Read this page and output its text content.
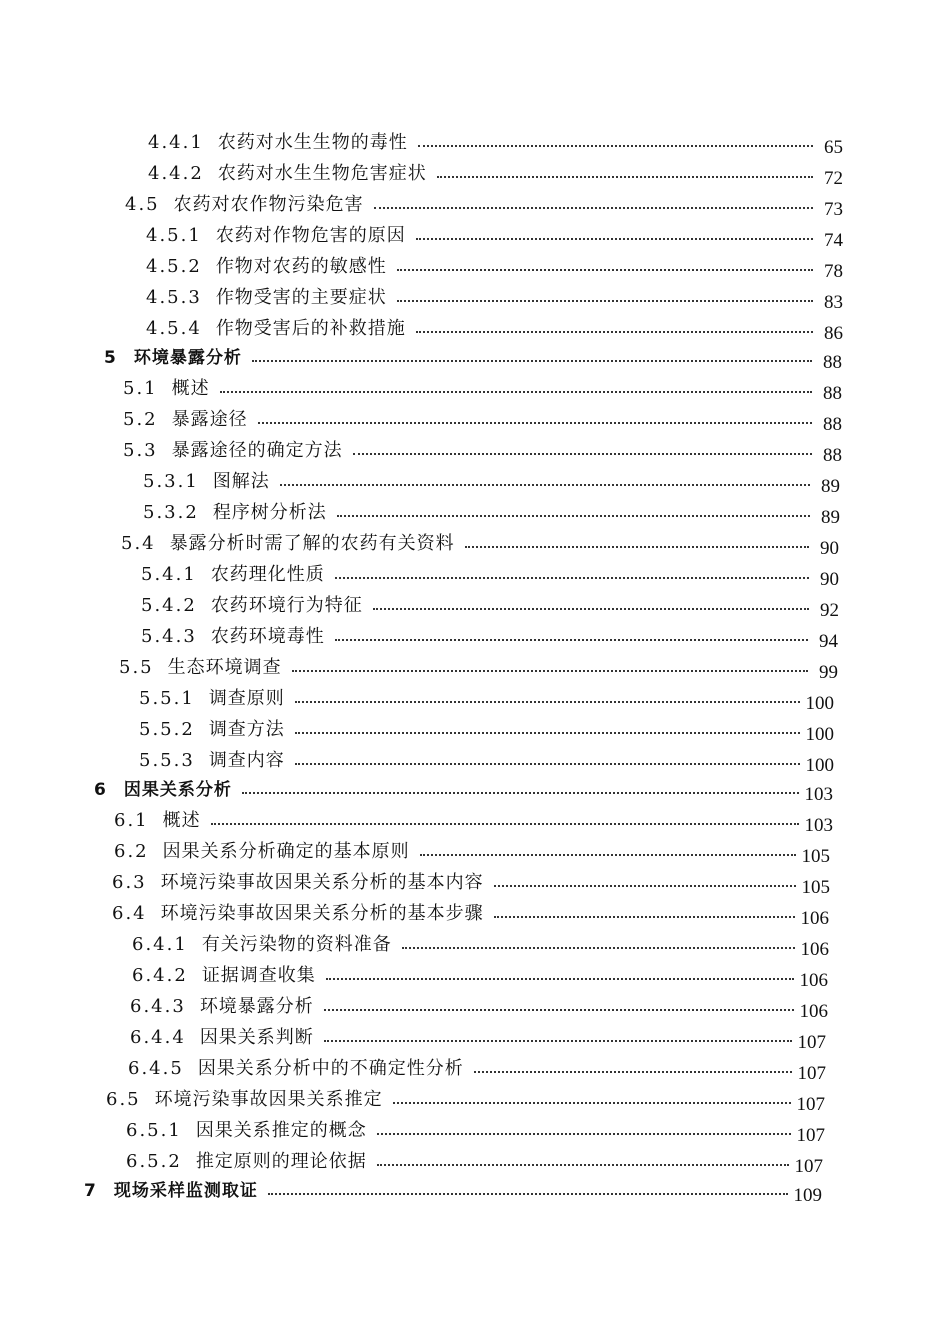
4.4.1 农药对水生生物的毒性	65
4.4.2 农药对水生生物危害症状	72
4.5 农药对农作物污染危害	73
4.5.1 农药对作物危害的原因	74
4.5.2 作物对农药的敏感性	78
4.5.3 作物受害的主要症状	83
4.5.4 作物受害后的补救措施	86
5 环境暴露分析	88
5.1 概述	88
5.2 暴露途径	88
5.3 暴露途径的确定方法	88
5.3.1 图解法	89
5.3.2 程序树分析法	89
5.4 暴露分析时需了解的农药有关资料	90
5.4.1 农药理化性质	90
5.4.2 农药环境行为特征	92
5.4.3 农药环境毒性	94
5.5 生态环境调查	99
5.5.1 调查原则	100
5.5.2 调查方法	100
5.5.3 调查内容	100
6 因果关系分析	103
6.1 概述	103
6.2 因果关系分析确定的基本原则	105
6.3 环境污染事故因果关系分析的基本内容	105
6.4 环境污染事故因果关系分析的基本步骤	106
6.4.1 有关污染物的资料准备	106
6.4.2 证据调查收集	106
6.4.3 环境暴露分析	106
6.4.4 因果关系判断	107
6.4.5 因果关系分析中的不确定性分析	107
6.5 环境污染事故因果关系推定	107
6.5.1 因果关系推定的概念	107
6.5.2 推定原则的理论依据	107
7 现场采样监测取证	109
